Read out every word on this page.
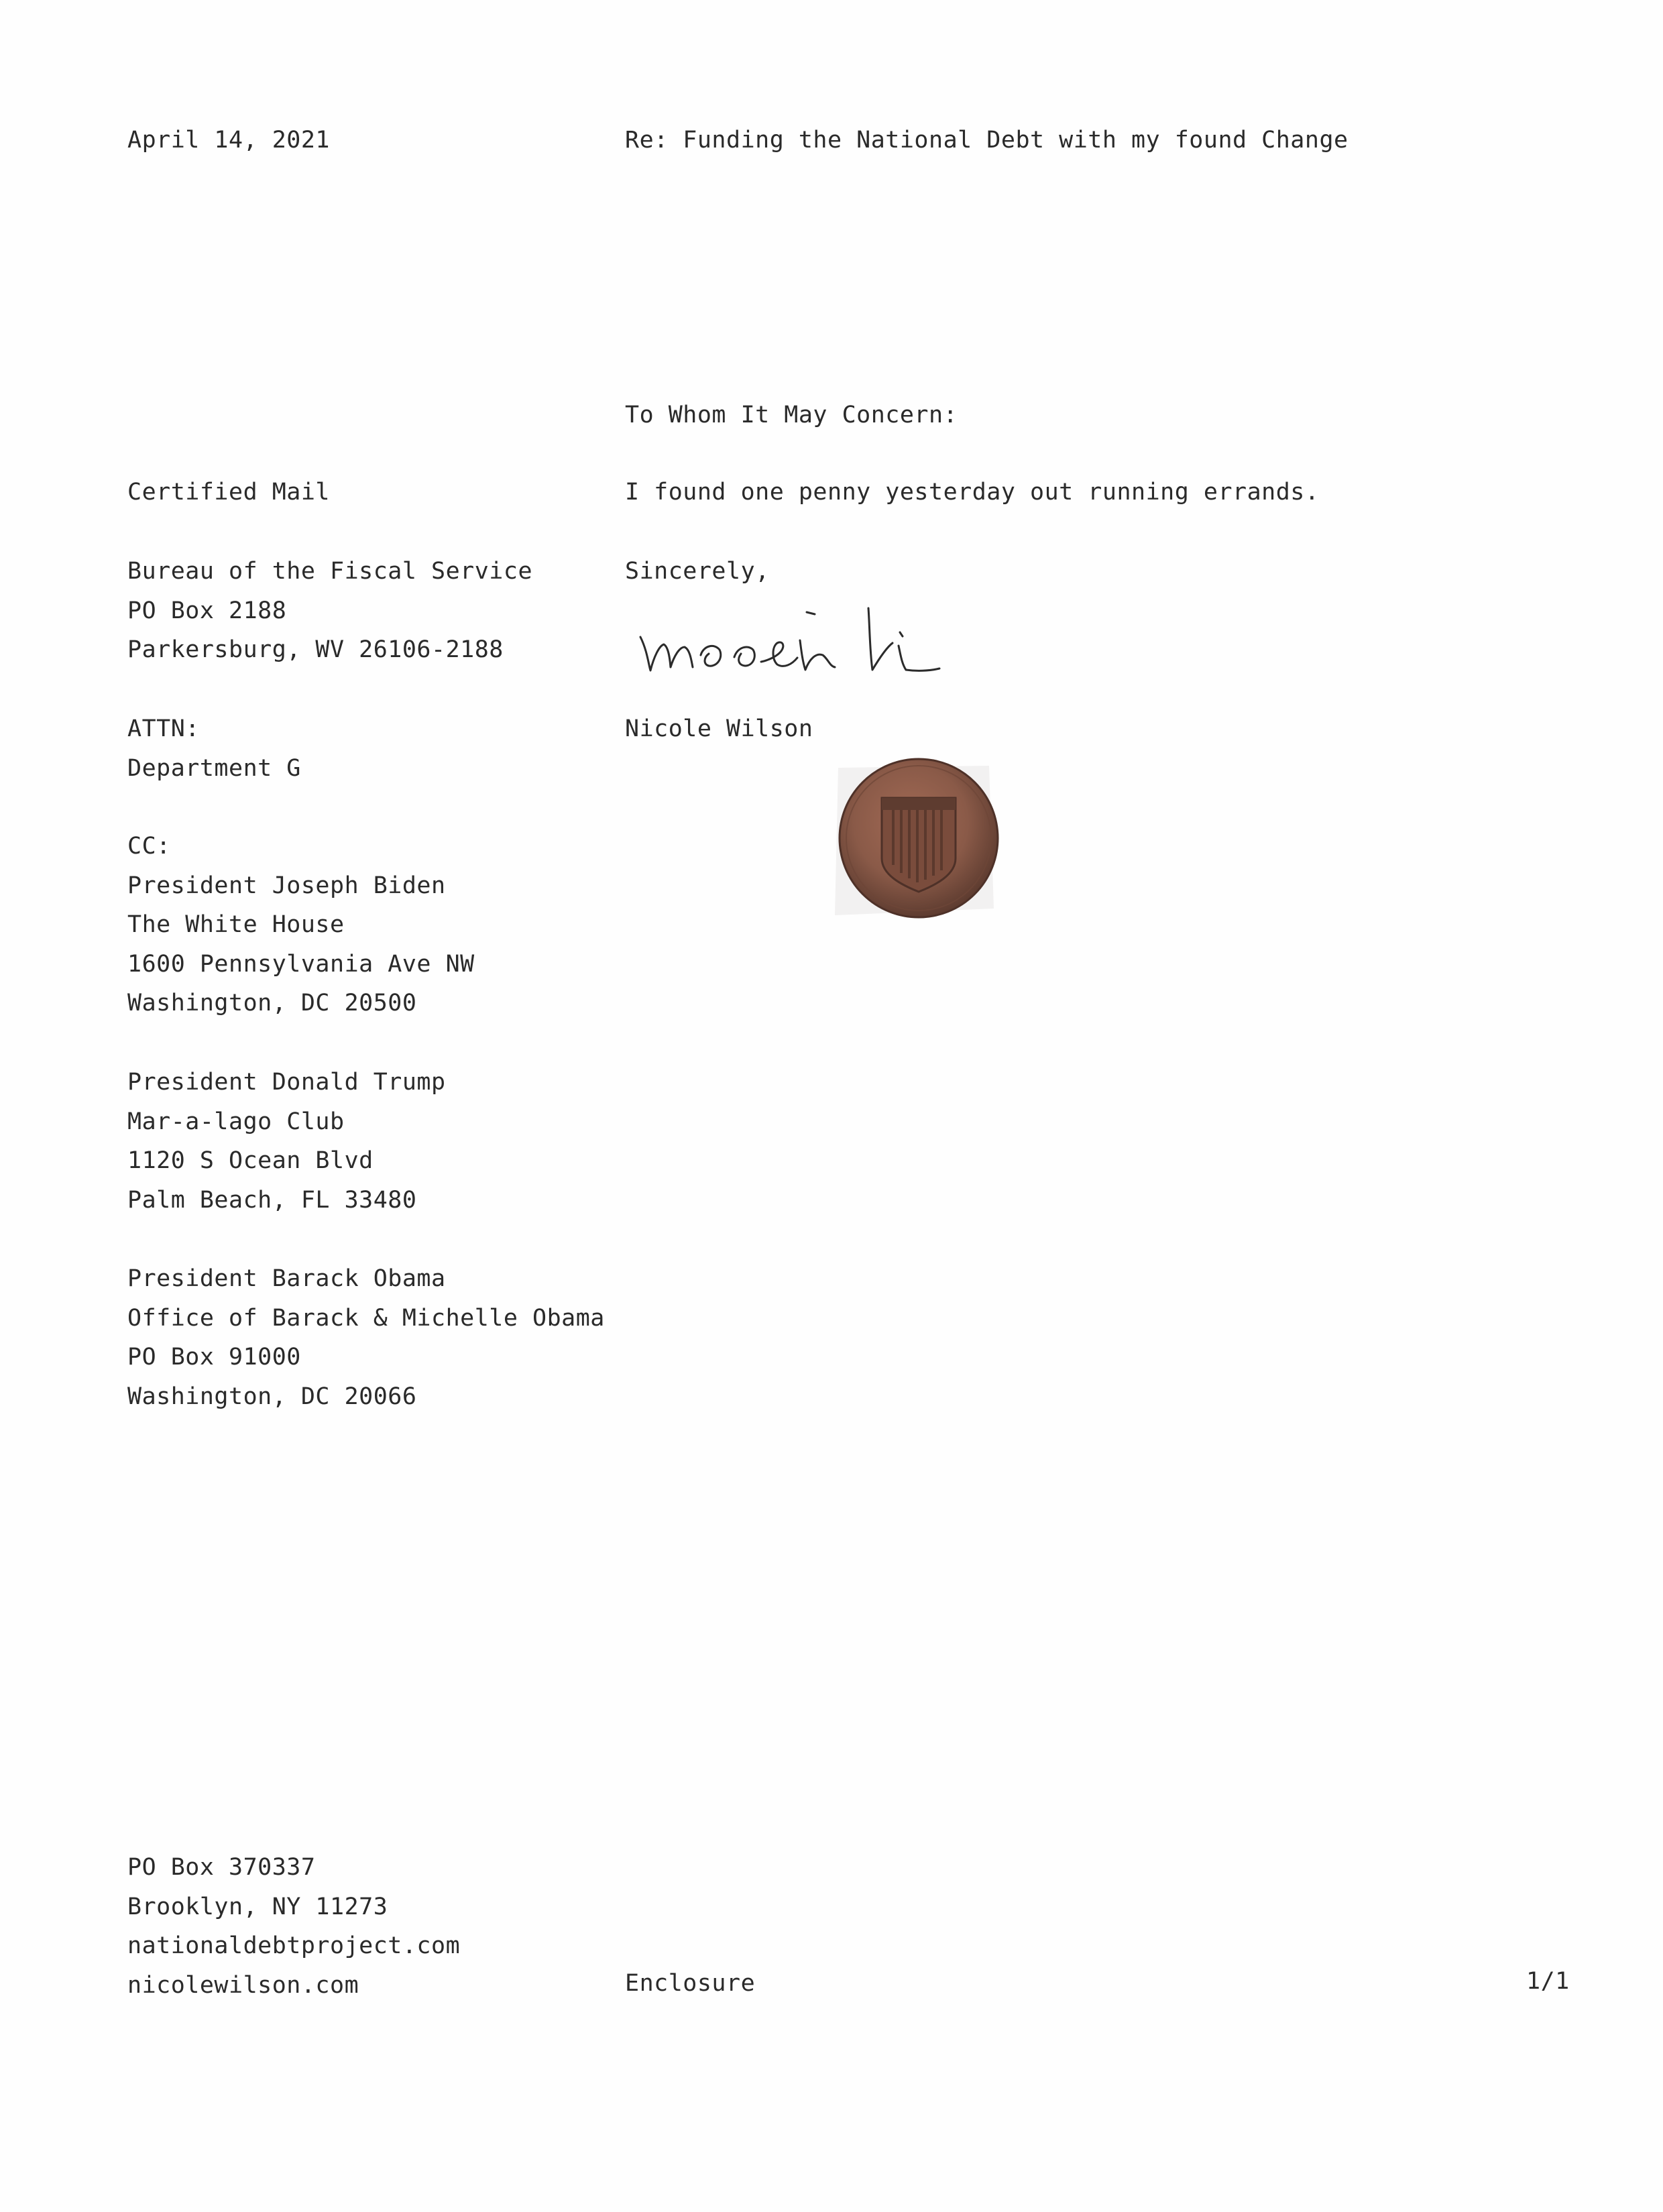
April 14, 2021	Re: Funding the National Debt with my found Change
To Whom It May Concern:
Certified Mail	I found one penny yesterday out running errands.
Bureau of the Fiscal Service
PO Box 2188
Parkersburg, WV 26106-2188
Sincerely,
ATTN:
Department G
Nicole Wilson
CC:
President Joseph Biden
The White House
1600 Pennsylvania Ave NW
Washington, DC 20500
President Donald Trump
Mar-a-lago Club
1120 S Ocean Blvd
Palm Beach, FL 33480
President Barack Obama
Office of Barack & Michelle Obama
PO Box 91000
Washington, DC 20066
PO Box 370337
Brooklyn, NY 11273
nationaldebtproject.com
nicolewilson.com	Enclosure	1/1
